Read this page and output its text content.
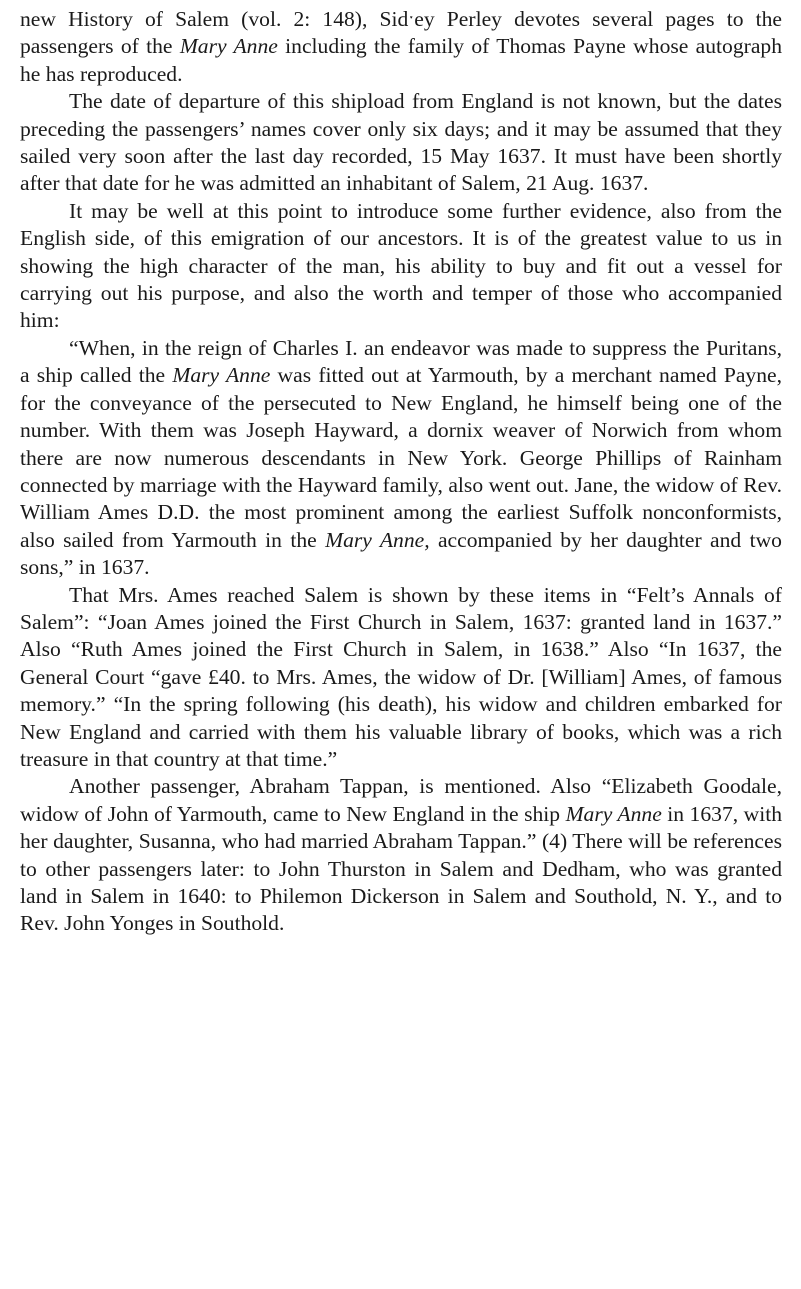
new History of Salem (vol. 2: 148), Sidˑey Perley devotes several pages to the passengers of the Mary Anne including the family of Thomas Payne whose autograph he has reproduced.

The date of departure of this shipload from England is not known, but the dates preceding the passengers’ names cover only six days; and it may be assumed that they sailed very soon after the last day recorded, 15 May 1637. It must have been shortly after that date for he was admitted an inhabitant of Salem, 21 Aug. 1637.

It may be well at this point to introduce some further evidence, also from the English side, of this emigration of our ancestors. It is of the greatest value to us in showing the high character of the man, his ability to buy and fit out a vessel for carrying out his purpose, and also the worth and temper of those who accompanied him:

“When, in the reign of Charles I. an endeavor was made to suppress the Puritans, a ship called the Mary Anne was fitted out at Yarmouth, by a merchant named Payne, for the conveyance of the persecuted to New England, he himself being one of the number. With them was Joseph Hayward, a dornix weaver of Norwich from whom there are now numerous descendants in New York. George Phillips of Rainham connected by marriage with the Hayward family, also went out. Jane, the widow of Rev. William Ames D.D. the most prominent among the earliest Suffolk nonconformists, also sailed from Yarmouth in the Mary Anne, accompanied by her daughter and two sons,” in 1637.

That Mrs. Ames reached Salem is shown by these items in “Felt’s Annals of Salem”: “Joan Ames joined the First Church in Salem, 1637: granted land in 1637.” Also “Ruth Ames joined the First Church in Salem, in 1638.” Also “In 1637, the General Court “gave £40. to Mrs. Ames, the widow of Dr. [William] Ames, of famous memory.” “In the spring following (his death), his widow and children embarked for New England and carried with them his valuable library of books, which was a rich treasure in that country at that time.”

Another passenger, Abraham Tappan, is mentioned. Also “Elizabeth Goodale, widow of John of Yarmouth, came to New England in the ship Mary Anne in 1637, with her daughter, Susanna, who had married Abraham Tappan.” (4) There will be references to other passengers later: to John Thurston in Salem and Dedham, who was granted land in Salem in 1640: to Philemon Dickerson in Salem and Southold, N. Y., and to Rev. John Yonges in Southold.
